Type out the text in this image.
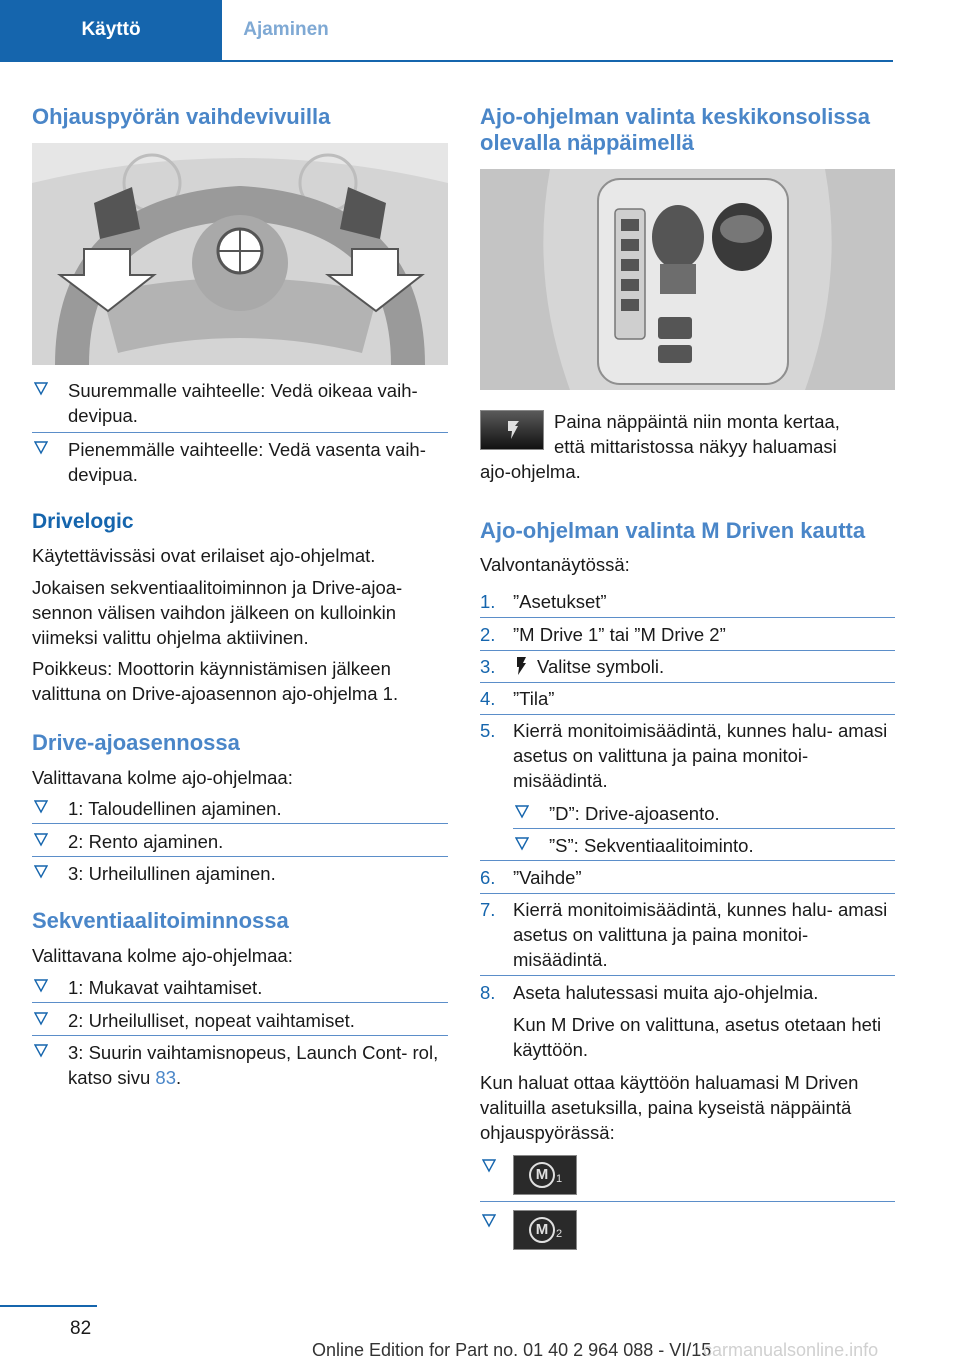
Käyttö	Ajaminen
Ohjauspyörän vaihdevivuilla
Suuremmalle vaihteelle: Vedä oikeaa vaih- devipua.
Pienemmälle vaihteelle: Vedä vasenta vaih- devipua.
Drivelogic
Käytettävissäsi ovat erilaiset ajo-ohjelmat.
Jokaisen sekventiaalitoiminnon ja Drive-ajoa- sennon välisen vaihdon jälkeen on kulloinkin viimeksi valittu ohjelma aktiivinen.
Poikkeus: Moottorin käynnistämisen jälkeen valittuna on Drive-ajoasennon ajo-ohjelma 1.
Drive-ajoasennossa
Valittavana kolme ajo-ohjelmaa:
1: Taloudellinen ajaminen.
2: Rento ajaminen.
3: Urheilullinen ajaminen.
Sekventiaalitoiminnossa
Valittavana kolme ajo-ohjelmaa:
1: Mukavat vaihtamiset.
2: Urheilulliset, nopeat vaihtamiset.
3: Suurin vaihtamisnopeus, Launch Cont- rol, katso sivu 83.
Ajo-ohjelman valinta keskikonsolissa olevalla näppäimellä
Paina näppäintä niin monta kertaa,
että mittaristossa näkyy haluamasi
ajo-ohjelma.
Ajo-ohjelman valinta M Driven kautta
Valvontanäytössä:
1. ”Asetukset”
2. ”M Drive 1” tai ”M Drive 2”
3. Valitse symboli.
4. ”Tila”
5. Kierrä monitoimisäädintä, kunnes halu- amasi asetus on valittuna ja paina monitoi- misäädintä.
”D”: Drive-ajoasento.
”S”: Sekventiaalitoiminto.
6. ”Vaihde”
7. Kierrä monitoimisäädintä, kunnes halu- amasi asetus on valittuna ja paina monitoi- misäädintä.
8. Aseta halutessasi muita ajo-ohjelmia.
Kun M Drive on valittuna, asetus otetaan heti käyttöön.
Kun haluat ottaa käyttöön haluamasi M Driven valituilla asetuksilla, paina kyseistä näppäintä ohjauspyörässä:
M 1
M 2
82
Online Edition for Part no. 01 40 2 964 088 - VI/15
carmanualsonline.info
